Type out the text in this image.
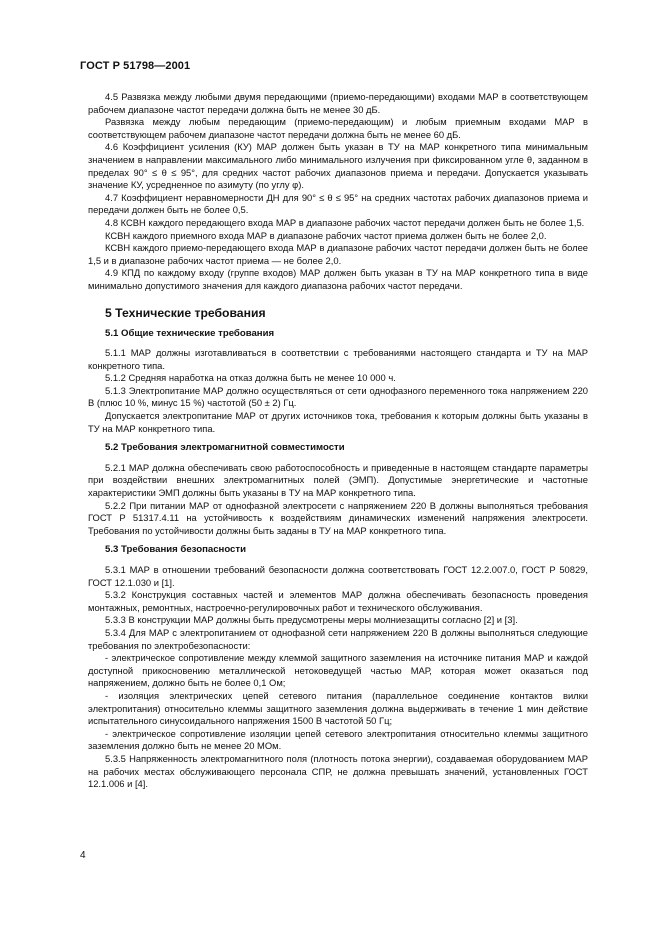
ГОСТ Р 51798—2001

4.5 Развязка между любыми двумя передающими (приемо-передающими) входами МАР в соответствующем рабочем диапазоне частот передачи должна быть не менее 30 дБ.

Развязка между любым передающим (приемо-передающим) и любым приемным входами МАР в соответствующем рабочем диапазоне частот передачи должна быть не менее 60 дБ.

4.6 Коэффициент усиления (КУ) МАР должен быть указан в ТУ на МАР конкретного типа минимальным значением в направлении максимального либо минимального излучения при фиксированном угле θ, заданном в пределах 90° ≤ θ ≤ 95°, для средних частот рабочих диапазонов приема и передачи. Допускается указывать значение КУ, усредненное по азимуту (по углу φ).

4.7 Коэффициент неравномерности ДН для 90° ≤ θ ≤ 95° на средних частотах рабочих диапазонов приема и передачи должен быть не более 0,5.

4.8 КСВН каждого передающего входа МАР в диапазоне рабочих частот передачи должен быть не более 1,5.

КСВН каждого приемного входа МАР в диапазоне рабочих частот приема должен быть не более 2,0.

КСВН каждого приемо-передающего входа МАР в диапазоне рабочих частот передачи должен быть не более 1,5 и в диапазоне рабочих частот приема — не более 2,0.

4.9 КПД по каждому входу (группе входов) МАР должен быть указан в ТУ на МАР конкретного типа в виде минимально допустимого значения для каждого диапазона рабочих частот передачи.

5 Технические требования
5.1 Общие технические требования

5.1.1 МАР должны изготавливаться в соответствии с требованиями настоящего стандарта и ТУ на МАР конкретного типа.

5.1.2 Средняя наработка на отказ должна быть не менее 10 000 ч.

5.1.3 Электропитание МАР должно осуществляться от сети однофазного переменного тока напряжением 220 В (плюс 10 %, минус 15 %) частотой (50 ± 2) Гц.

Допускается электропитание МАР от других источников тока, требования к которым должны быть указаны в ТУ на МАР конкретного типа.

5.2 Требования электромагнитной совместимости

5.2.1 МАР должна обеспечивать свою работоспособность и приведенные в настоящем стандарте параметры при воздействии внешних электромагнитных полей (ЭМП). Допустимые энергетические и частотные характеристики ЭМП должны быть указаны в ТУ на МАР конкретного типа.

5.2.2 При питании МАР от однофазной электросети с напряжением 220 В должны выполняться требования ГОСТ Р 51317.4.11 на устойчивость к воздействиям динамических изменений напряжения электросети. Требования по устойчивости должны быть заданы в ТУ на МАР конкретного типа.

5.3 Требования безопасности

5.3.1 МАР в отношении требований безопасности должна соответствовать ГОСТ 12.2.007.0, ГОСТ Р 50829, ГОСТ 12.1.030 и [1].

5.3.2 Конструкция составных частей и элементов МАР должна обеспечивать безопасность проведения монтажных, ремонтных, настроечно-регулировочных работ и технического обслуживания.

5.3.3 В конструкции МАР должны быть предусмотрены меры молниезащиты согласно [2] и [3].

5.3.4 Для МАР с электропитанием от однофазной сети напряжением 220 В должны выполняться следующие требования по электробезопасности:

- электрическое сопротивление между клеммой защитного заземления на источнике питания МАР и каждой доступной прикосновению металлической нетоковедущей частью МАР, которая может оказаться под напряжением, должно быть не более 0,1 Ом;

- изоляция электрических цепей сетевого питания (параллельное соединение контактов вилки электропитания) относительно клеммы защитного заземления должна выдерживать в течение 1 мин действие испытательного синусоидального напряжения 1500 В частотой 50 Гц;

- электрическое сопротивление изоляции цепей сетевого электропитания относительно клеммы защитного заземления должно быть не менее 20 МОм.

5.3.5 Напряженность электромагнитного поля (плотность потока энергии), создаваемая оборудованием МАР на рабочих местах обслуживающего персонала СПР, не должна превышать значений, установленных ГОСТ 12.1.006 и [4].

4
